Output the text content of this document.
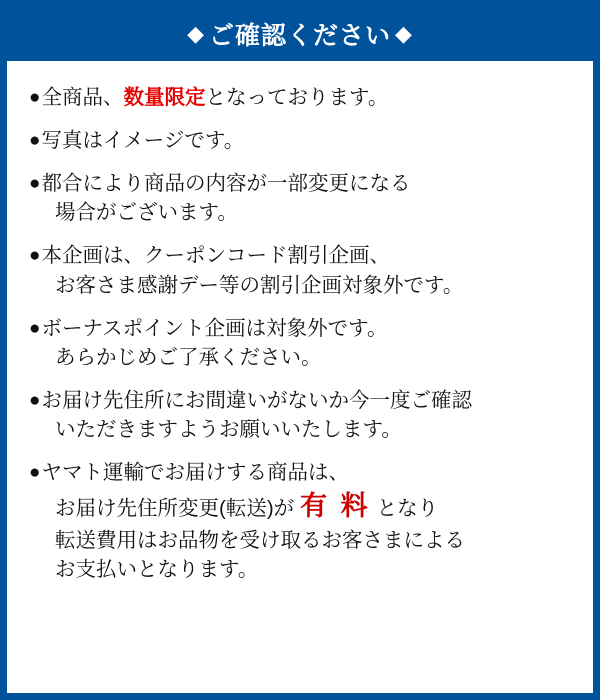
◆ ご確認ください ◆
●全商品、数量限定となっております。
●写真はイメージです。
●都合により商品の内容が一部変更になる
場合がございます。
●本企画は、クーポンコード割引企画、
お客さま感謝デー等の割引企画対象外です。
●ボーナスポイント企画は対象外です。
あらかじめご了承ください。
●お届け先住所にお間違いがないか今一度ご確認
いただきますようお願いいたします。
●ヤマト運輸でお届けする商品は、
お届け先住所変更(転送)が 有 料 となり
転送費用はお品物を受け取るお客さまによる
お支払いとなります。
